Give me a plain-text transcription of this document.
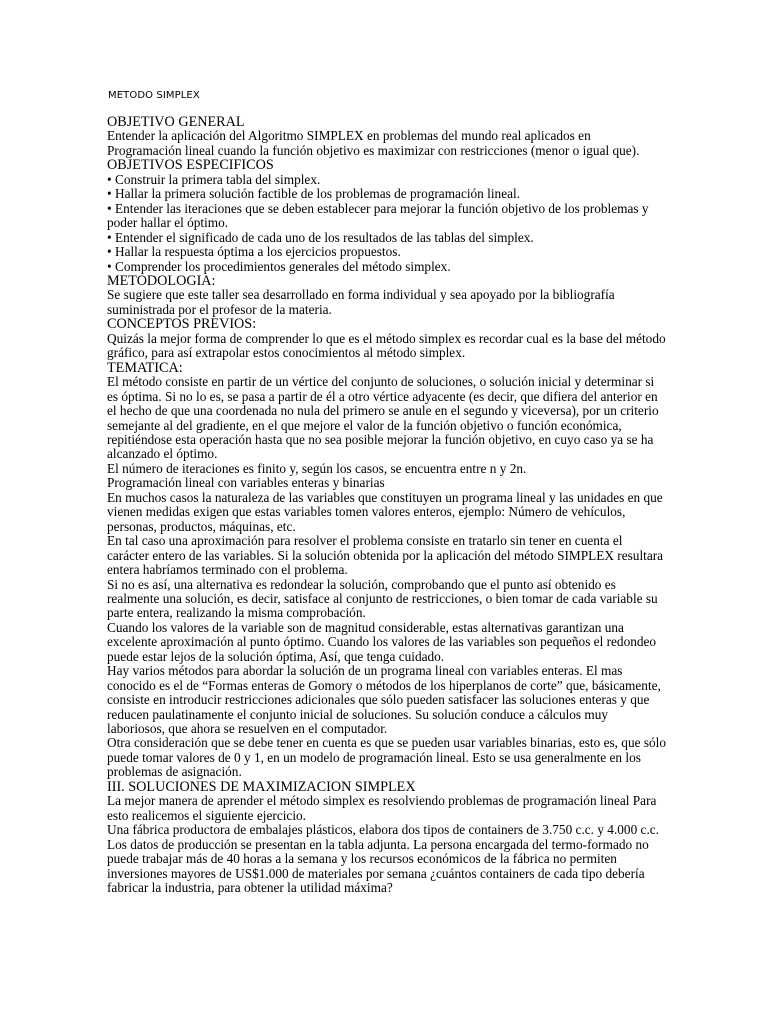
METODO SIMPLEX

OBJETIVO GENERAL

Entender la aplicación del Algoritmo SIMPLEX en problemas del mundo real aplicados en Programación lineal cuando la función objetivo es maximizar con restricciones (menor o igual que).

OBJETIVOS ESPECIFICOS

• Construir la primera tabla del simplex.

• Hallar la primera solución factible de los problemas de programación lineal.

• Entender las iteraciones que se deben establecer para mejorar la función objetivo de los problemas y poder hallar el óptimo.

• Entender el significado de cada uno de los resultados de las tablas del simplex.

• Hallar la respuesta óptima a los ejercicios propuestos.

• Comprender los procedimientos generales del método simplex.

METODOLOGIA:

Se sugiere que este taller sea desarrollado en forma individual y sea apoyado por la bibliografía suministrada por el profesor de la materia.

CONCEPTOS PREVIOS:

Quizás la mejor forma de comprender lo que es el método simplex es recordar cual es la base del método gráfico, para así extrapolar estos conocimientos al método simplex.

TEMATICA:

El método consiste en partir de un vértice del conjunto de soluciones, o solución inicial y determinar si es óptima. Si no lo es, se pasa a partir de él a otro vértice adyacente (es decir, que difiera del anterior en el hecho de que una coordenada no nula del primero se anule en el segundo y viceversa), por un criterio semejante al del gradiente, en el que mejore el valor de la función objetivo o función económica, repitiéndose esta operación hasta que no sea posible mejorar la función objetivo, en cuyo caso ya se ha alcanzado el óptimo.

El número de iteraciones es finito y, según los casos, se encuentra entre n y 2n.

Programación lineal con variables enteras y binarias

En muchos casos la naturaleza de las variables que constituyen un programa lineal y las unidades en que vienen medidas exigen que estas variables tomen valores enteros, ejemplo: Número de vehículos, personas, productos, máquinas, etc.

En tal caso una aproximación para resolver el problema consiste en tratarlo sin tener en cuenta el carácter entero de las variables. Si la solución obtenida por la aplicación del método SIMPLEX resultara entera habríamos terminado con el problema.

Si no es así, una alternativa es redondear la solución, comprobando que el punto así obtenido es realmente una solución, es decir, satisface al conjunto de restricciones, o bien tomar de cada variable su parte entera, realizando la misma comprobación.

Cuando los valores de la variable son de magnitud considerable, estas alternativas garantizan una excelente aproximación al punto óptimo. Cuando los valores de las variables son pequeños el redondeo puede estar lejos de la solución óptima, Así, que tenga cuidado.

Hay varios métodos para abordar la solución de un programa lineal con variables enteras. El mas conocido es el de “Formas enteras de Gomory o métodos de los hiperplanos de corte” que, básicamente, consiste en introducir restricciones adicionales que sólo pueden satisfacer las soluciones enteras y que reducen paulatinamente el conjunto inicial de soluciones. Su solución conduce a cálculos muy laboriosos, que ahora se resuelven en el computador.

Otra consideración que se debe tener en cuenta es que se pueden usar variables binarias, esto es, que sólo puede tomar valores de 0 y 1, en un modelo de programación lineal. Esto se usa generalmente en los problemas de asignación.

III. SOLUCIONES DE MAXIMIZACION SIMPLEX

La mejor manera de aprender el método simplex es resolviendo problemas de programación lineal Para esto realicemos el siguiente ejercicio.

Una fábrica productora de embalajes plásticos, elabora dos tipos de containers de 3.750 c.c. y 4.000 c.c. Los datos de producción se presentan en la tabla adjunta. La persona encargada del termo-formado no puede trabajar más de 40 horas a la semana y los recursos económicos de la fábrica no permiten inversiones mayores de US$1.000 de materiales por semana ¿cuántos containers de cada tipo debería fabricar la industria, para obtener la utilidad máxima?
